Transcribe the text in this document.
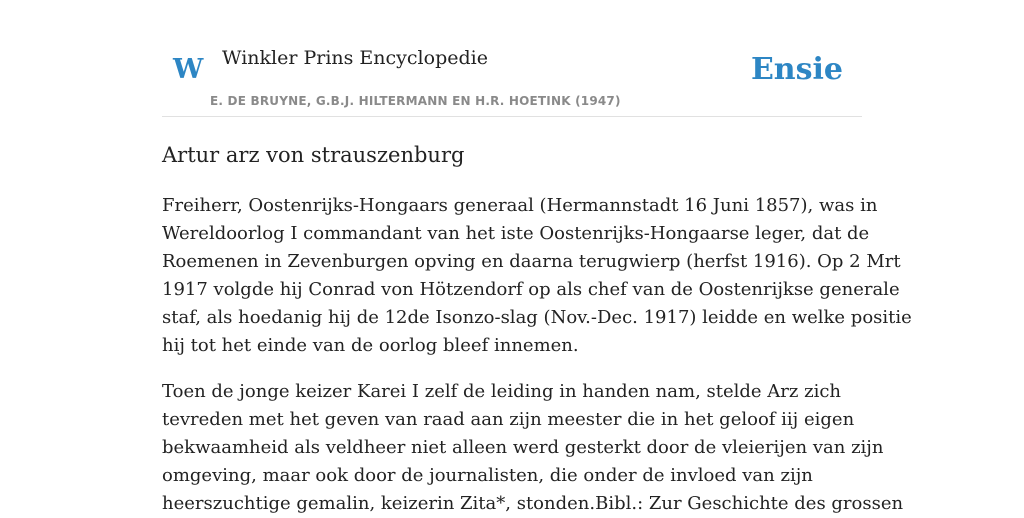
W Winkler Prins Encyclopedie
E. DE BRUYNE, G.B.J. HILTERMANN EN H.R. HOETINK (1947)
Ensie
Artur arz von strauszenburg

Freiherr, Oostenrijks-Hongaars generaal (Hermannstadt 16 Juni 1857), was in
Wereldoorlog I commandant van het iste Oostenrijks-Hongaarse leger, dat de
Roemenen in Zevenburgen opving en daarna terugwierp (herfst 1916). Op 2 Mrt
1917 volgde hij Conrad von Hötzendorf op als chef van de Oostenrijkse generale
staf, als hoedanig hij de 12de Isonzo-slag (Nov.-Dec. 1917) leidde en welke positie
hij tot het einde van de oorlog bleef innemen.

Toen de jonge keizer Karei I zelf de leiding in handen nam, stelde Arz zich
tevreden met het geven van raad aan zijn meester die in het geloof iij eigen
bekwaamheid als veldheer niet alleen werd gesterkt door de vleierijen van zijn
omgeving, maar ook door de journalisten, die onder de invloed van zijn
heerszuchtige gemalin, keizerin Zita*, stonden.Bibl.: Zur Geschichte des grossen
